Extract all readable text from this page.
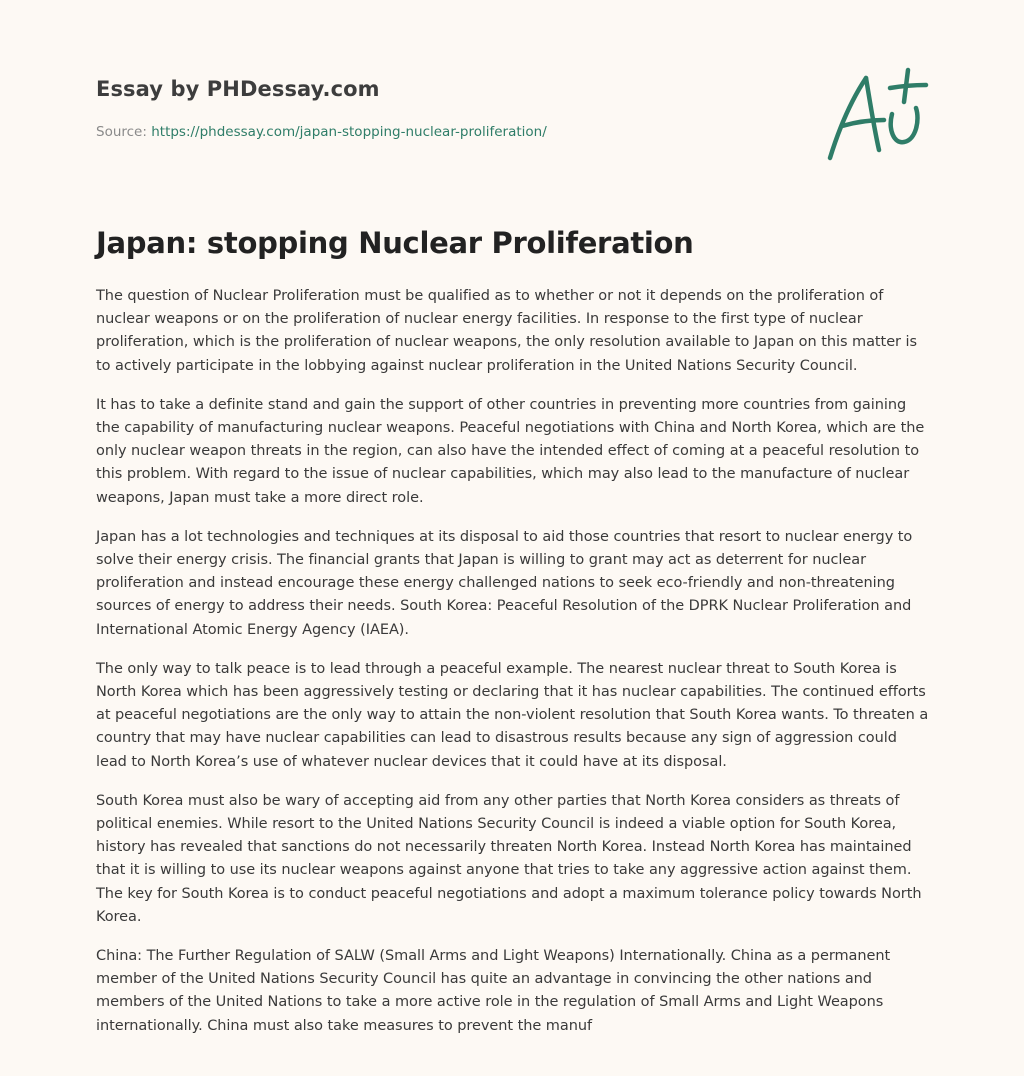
Essay by PHDessay.com
Source: https://phdessay.com/japan-stopping-nuclear-proliferation/
Japan: stopping Nuclear Proliferation

The question of Nuclear Proliferation must be qualified as to whether or not it depends on the proliferation of nuclear weapons or on the proliferation of nuclear energy facilities. In response to the first type of nuclear proliferation, which is the proliferation of nuclear weapons, the only resolution available to Japan on this matter is to actively participate in the lobbying against nuclear proliferation in the United Nations Security Council.

It has to take a definite stand and gain the support of other countries in preventing more countries from gaining the capability of manufacturing nuclear weapons. Peaceful negotiations with China and North Korea, which are the only nuclear weapon threats in the region, can also have the intended effect of coming at a peaceful resolution to this problem. With regard to the issue of nuclear capabilities, which may also lead to the manufacture of nuclear weapons, Japan must take a more direct role.

Japan has a lot technologies and techniques at its disposal to aid those countries that resort to nuclear energy to solve their energy crisis. The financial grants that Japan is willing to grant may act as deterrent for nuclear proliferation and instead encourage these energy challenged nations to seek eco-friendly and non-threatening sources of energy to address their needs. South Korea: Peaceful Resolution of the DPRK Nuclear Proliferation and International Atomic Energy Agency (IAEA).

The only way to talk peace is to lead through a peaceful example. The nearest nuclear threat to South Korea is North Korea which has been aggressively testing or declaring that it has nuclear capabilities. The continued efforts at peaceful negotiations are the only way to attain the non-violent resolution that South Korea wants. To threaten a country that may have nuclear capabilities can lead to disastrous results because any sign of aggression could lead to North Korea’s use of whatever nuclear devices that it could have at its disposal.

South Korea must also be wary of accepting aid from any other parties that North Korea considers as threats of political enemies. While resort to the United Nations Security Council is indeed a viable option for South Korea, history has revealed that sanctions do not necessarily threaten North Korea. Instead North Korea has maintained that it is willing to use its nuclear weapons against anyone that tries to take any aggressive action against them. The key for South Korea is to conduct peaceful negotiations and adopt a maximum tolerance policy towards North Korea.

China: The Further Regulation of SALW (Small Arms and Light Weapons) Internationally. China as a permanent member of the United Nations Security Council has quite an advantage in convincing the other nations and members of the United Nations to take a more active role in the regulation of Small Arms and Light Weapons internationally. China must also take measures to prevent the manuf
